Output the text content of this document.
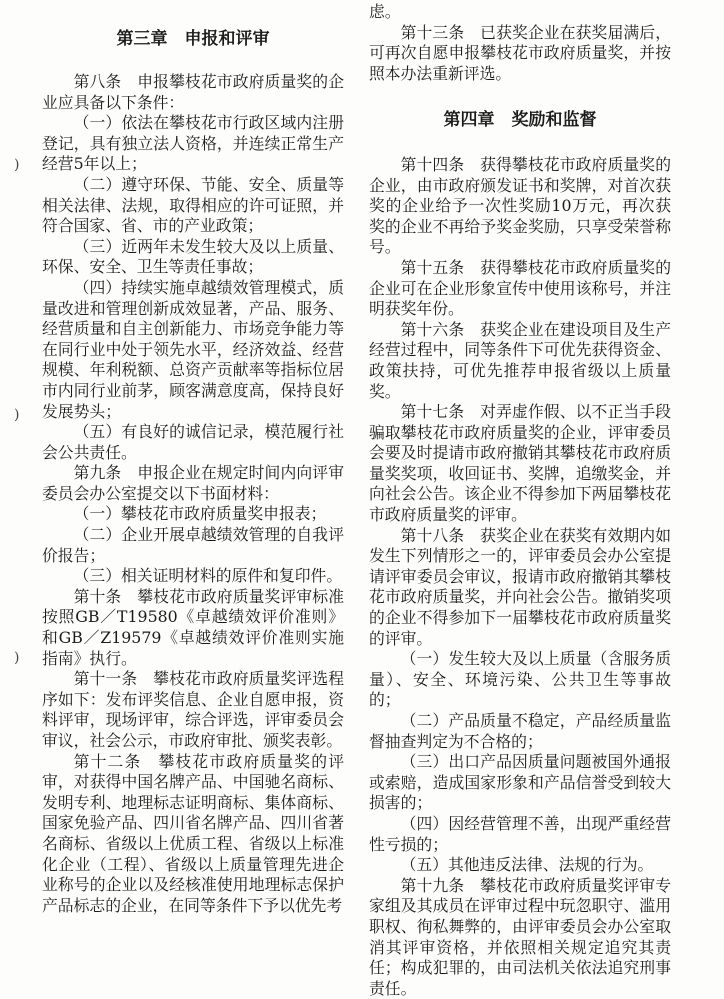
第三章　申报和评审

第八条　申报攀枝花市政府质量奖的企业应具备以下条件：

（一）依法在攀枝花市行政区域内注册登记，具有独立法人资格，并连续正常生产经营5年以上；

（二）遵守环保、节能、安全、质量等相关法律、法规，取得相应的许可证照，并符合国家、省、市的产业政策；

（三）近两年未发生较大及以上质量、环保、安全、卫生等责任事故；

（四）持续实施卓越绩效管理模式，质量改进和管理创新成效显著，产品、服务、经营质量和自主创新能力、市场竞争能力等在同行业中处于领先水平，经济效益、经营规模、年利税额、总资产贡献率等指标位居市内同行业前茅，顾客满意度高，保持良好发展势头；

（五）有良好的诚信记录，模范履行社会公共责任。

第九条　申报企业在规定时间内向评审委员会办公室提交以下书面材料：

（一）攀枝花市政府质量奖申报表；

（二）企业开展卓越绩效管理的自我评价报告；

（三）相关证明材料的原件和复印件。

第十条　攀枝花市政府质量奖评审标准按照GB／T19580《卓越绩效评价准则》和GB／Z19579《卓越绩效评价准则实施指南》执行。

第十一条　攀枝花市政府质量奖评选程序如下：发布评奖信息、企业自愿申报，资料评审，现场评审，综合评选，评审委员会审议，社会公示，市政府审批、颁奖表彰。

第十二条　攀枝花市政府质量奖的评审，对获得中国名牌产品、中国驰名商标、发明专利、地理标志证明商标、集体商标、国家免验产品、四川省名牌产品、四川省著名商标、省级以上优质工程、省级以上标准化企业（工程）、省级以上质量管理先进企业称号的企业以及经核准使用地理标志保护产品标志的企业，在同等条件下予以优先考

虑。

第十三条　已获奖企业在获奖届满后，可再次自愿申报攀枝花市政府质量奖，并按照本办法重新评选。

第四章　奖励和监督

第十四条　获得攀枝花市政府质量奖的企业，由市政府颁发证书和奖牌，对首次获奖的企业给予一次性奖励10万元，再次获奖的企业不再给予奖金奖励，只享受荣誉称号。

第十五条　获得攀枝花市政府质量奖的企业可在企业形象宣传中使用该称号，并注明获奖年份。

第十六条　获奖企业在建设项目及生产经营过程中，同等条件下可优先获得资金、政策扶持，可优先推荐申报省级以上质量奖。

第十七条　对弄虚作假、以不正当手段骗取攀枝花市政府质量奖的企业，评审委员会要及时提请市政府撤销其攀枝花市政府质量奖奖项，收回证书、奖牌，追缴奖金，并向社会公告。该企业不得参加下两届攀枝花市政府质量奖的评审。

第十八条　获奖企业在获奖有效期内如发生下列情形之一的，评审委员会办公室提请评审委员会审议，报请市政府撤销其攀枝花市政府质量奖，并向社会公告。撤销奖项的企业不得参加下一届攀枝花市政府质量奖的评审。

（一）发生较大及以上质量（含服务质量）、安全、环境污染、公共卫生等事故的；

（二）产品质量不稳定，产品经质量监督抽查判定为不合格的；

（三）出口产品因质量问题被国外通报或索赔，造成国家形象和产品信誉受到较大损害的；

（四）因经营管理不善，出现严重经营性亏损的；

（五）其他违反法律、法规的行为。

第十九条　攀枝花市政府质量奖评审专家组及其成员在评审过程中玩忽职守、滥用职权、徇私舞弊的，由评审委员会办公室取消其评审资格，并依照相关规定追究其责任；构成犯罪的，由司法机关依法追究刑事责任。

)
)
)
